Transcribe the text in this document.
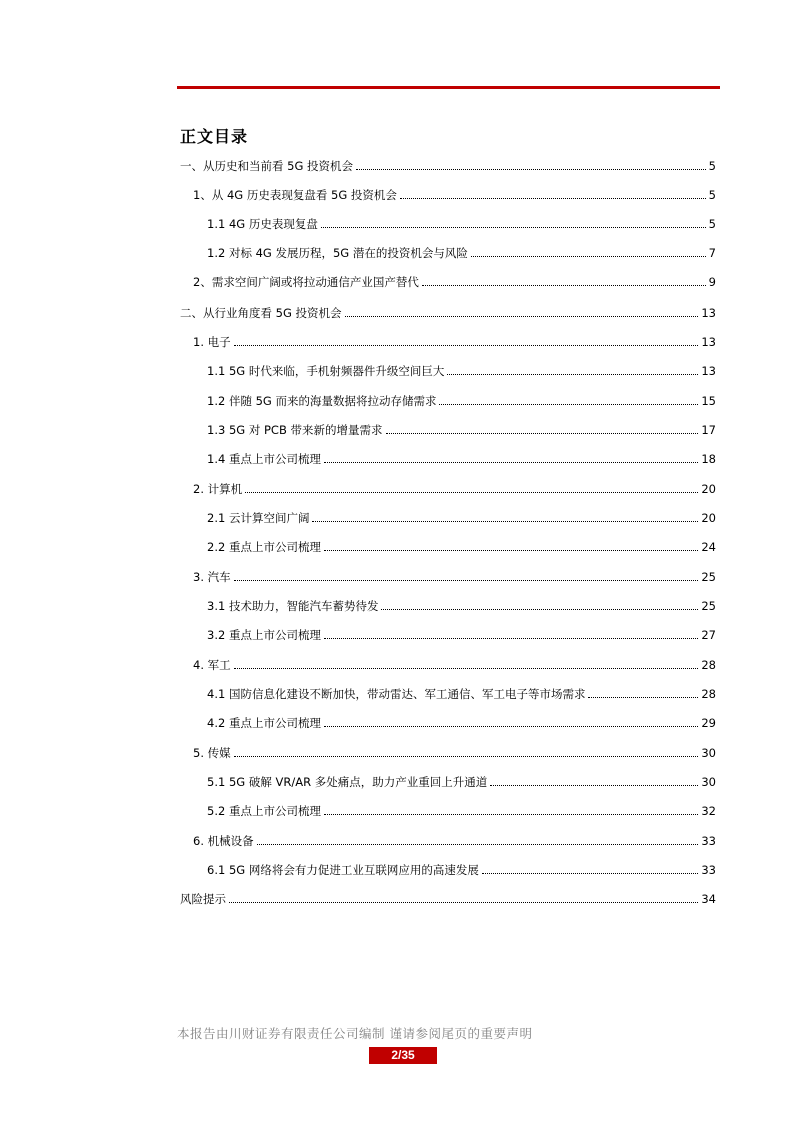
正文目录
一、从历史和当前看 5G 投资机会	5
1、从 4G 历史表现复盘看 5G 投资机会	5
1.1 4G 历史表现复盘	5
1.2 对标 4G 发展历程，5G 潜在的投资机会与风险	7
2、需求空间广阔或将拉动通信产业国产替代	9
二、从行业角度看 5G 投资机会	13
1. 电子	13
1.1 5G 时代来临，手机射频器件升级空间巨大	13
1.2 伴随 5G 而来的海量数据将拉动存储需求	15
1.3 5G 对 PCB 带来新的增量需求	17
1.4 重点上市公司梳理	18
2. 计算机	20
2.1 云计算空间广阔	20
2.2 重点上市公司梳理	24
3. 汽车	25
3.1 技术助力，智能汽车蓄势待发	25
3.2 重点上市公司梳理	27
4. 军工	28
4.1 国防信息化建设不断加快，带动雷达、军工通信、军工电子等市场需求	28
4.2 重点上市公司梳理	29
5. 传媒	30
5.1 5G 破解 VR/AR 多处痛点，助力产业重回上升通道	30
5.2 重点上市公司梳理	32
6. 机械设备	33
6.1 5G 网络将会有力促进工业互联网应用的高速发展	33
风险提示	34
本报告由川财证券有限责任公司编制 谨请参阅尾页的重要声明
2/35
